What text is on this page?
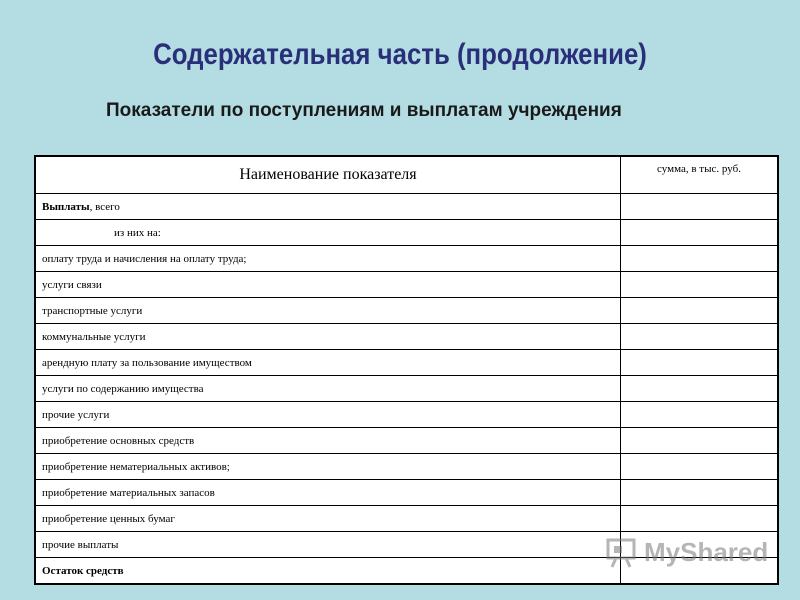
Содержательная часть (продолжение)
Показатели по поступлениям и выплатам учреждения
Наименование показателя	сумма, в тыс. руб.
Выплаты, всего	
из них на:	
оплату труда и начисления на оплату труда;	
услуги связи	
транспортные услуги	
коммунальные услуги	
арендную плату за пользование имуществом	
услуги по содержанию имущества	
прочие услуги	
приобретение основных средств	
приобретение нематериальных активов;	
приобретение материальных запасов	
приобретение ценных бумаг	
прочие выплаты	
Остаток средств	
MyShared
